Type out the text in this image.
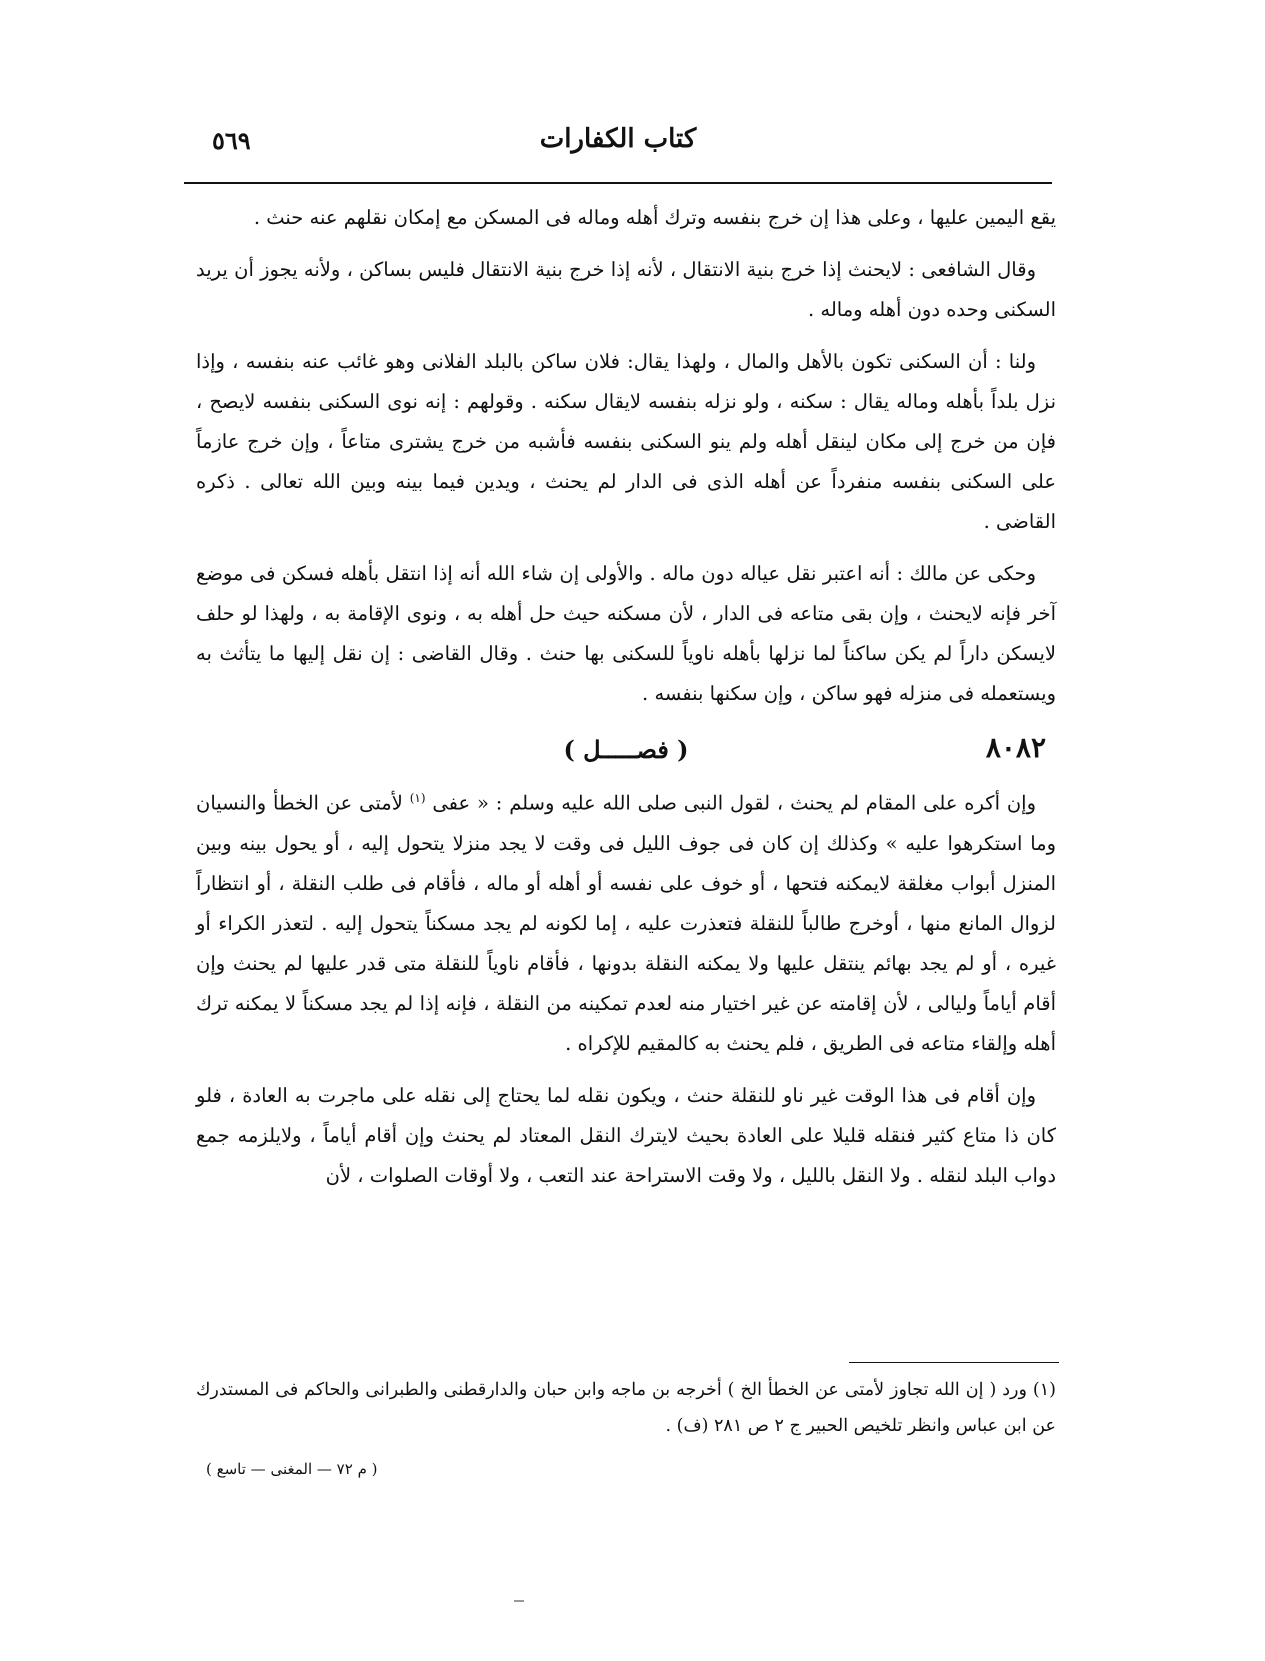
٥٦٩	كتاب الكفارات

يقع اليمين عليها ، وعلى هذا إن خرج بنفسه وترك أهله وماله فى المسكن مع إمكان نقلهم عنه حنث .

وقال الشافعى : لايحنث إذا خرج بنية الانتقال ، لأنه إذا خرج بنية الانتقال فليس بساكن ، ولأنه يجوز أن يريد السكنى وحده دون أهله وماله .

ولنا : أن السكنى تكون بالأهل والمال ، ولهذا يقال: فلان ساكن بالبلد الفلانى وهو غائب عنه بنفسه ، وإذا نزل بلداً بأهله وماله يقال : سكنه ، ولو نزله بنفسه لايقال سكنه . وقولهم : إنه نوى السكنى بنفسه لايصح ، فإن من خرج إلى مكان لينقل أهله ولم ينو السكنى بنفسه فأشبه من خرج يشترى متاعاً ، وإن خرج عازماً على السكنى بنفسه منفرداً عن أهله الذى فى الدار لم يحنث ، ويدين فيما بينه وبين الله تعالى . ذكره القاضى .

وحكى عن مالك : أنه اعتبر نقل عياله دون ماله . والأولى إن شاء الله أنه إذا انتقل بأهله فسكن فى موضع آخر فإنه لايحنث ، وإن بقى متاعه فى الدار ، لأن مسكنه حيث حل أهله به ، ونوى الإقامة به ، ولهذا لو حلف لايسكن داراً لم يكن ساكناً لما نزلها بأهله ناوياً للسكنى بها حنث . وقال القاضى : إن نقل إليها ما يتأثث به ويستعمله فى منزله فهو ساكن ، وإن سكنها بنفسه .

( فصـــــل )	٨٠٨٢

وإن أكره على المقام لم يحنث ، لقول النبى صلى الله عليه وسلم : « عفى $^{(١)}$ لأمتى عن الخطأ والنسيان وما استكرهوا عليه » وكذلك إن كان فى جوف الليل فى وقت لا يجد منزلا يتحول إليه ، أو يحول بينه وبين المنزل أبواب مغلقة لايمكنه فتحها ، أو خوف على نفسه أو أهله أو ماله ، فأقام فى طلب النقلة ، أو انتظاراً لزوال المانع منها ، أوخرج طالباً للنقلة فتعذرت عليه ، إما لكونه لم يجد مسكناً يتحول إليه . لتعذر الكراء أو غيره ، أو لم يجد بهائم ينتقل عليها ولا يمكنه النقلة بدونها ، فأقام ناوياً للنقلة متى قدر عليها لم يحنث وإن أقام أياماً وليالى ، لأن إقامته عن غير اختيار منه لعدم تمكينه من النقلة ، فإنه إذا لم يجد مسكناً لا يمكنه ترك أهله وإلقاء متاعه فى الطريق ، فلم يحنث به كالمقيم للإكراه .

وإن أقام فى هذا الوقت غير ناو للنقلة حنث ، ويكون نقله لما يحتاج إلى نقله على ماجرت به العادة ، فلو كان ذا متاع كثير فنقله قليلا على العادة بحيث لايترك النقل المعتاد لم يحنث وإن أقام أياماً ، ولايلزمه جمع دواب البلد لنقله . ولا النقل بالليل ، ولا وقت الاستراحة عند التعب ، ولا أوقات الصلوات ، لأن

(١) ورد ( إن الله تجاوز لأمتى عن الخطأ الخ ) أخرجه بن ماجه وابن حبان والدارقطنى والطبرانى والحاكم فى المستدرك عن ابن عباس وانظر تلخيص الحبير ج ٢ ص ٢٨١ (ف) .

( م ٧٢ — المغنى — تاسع )
